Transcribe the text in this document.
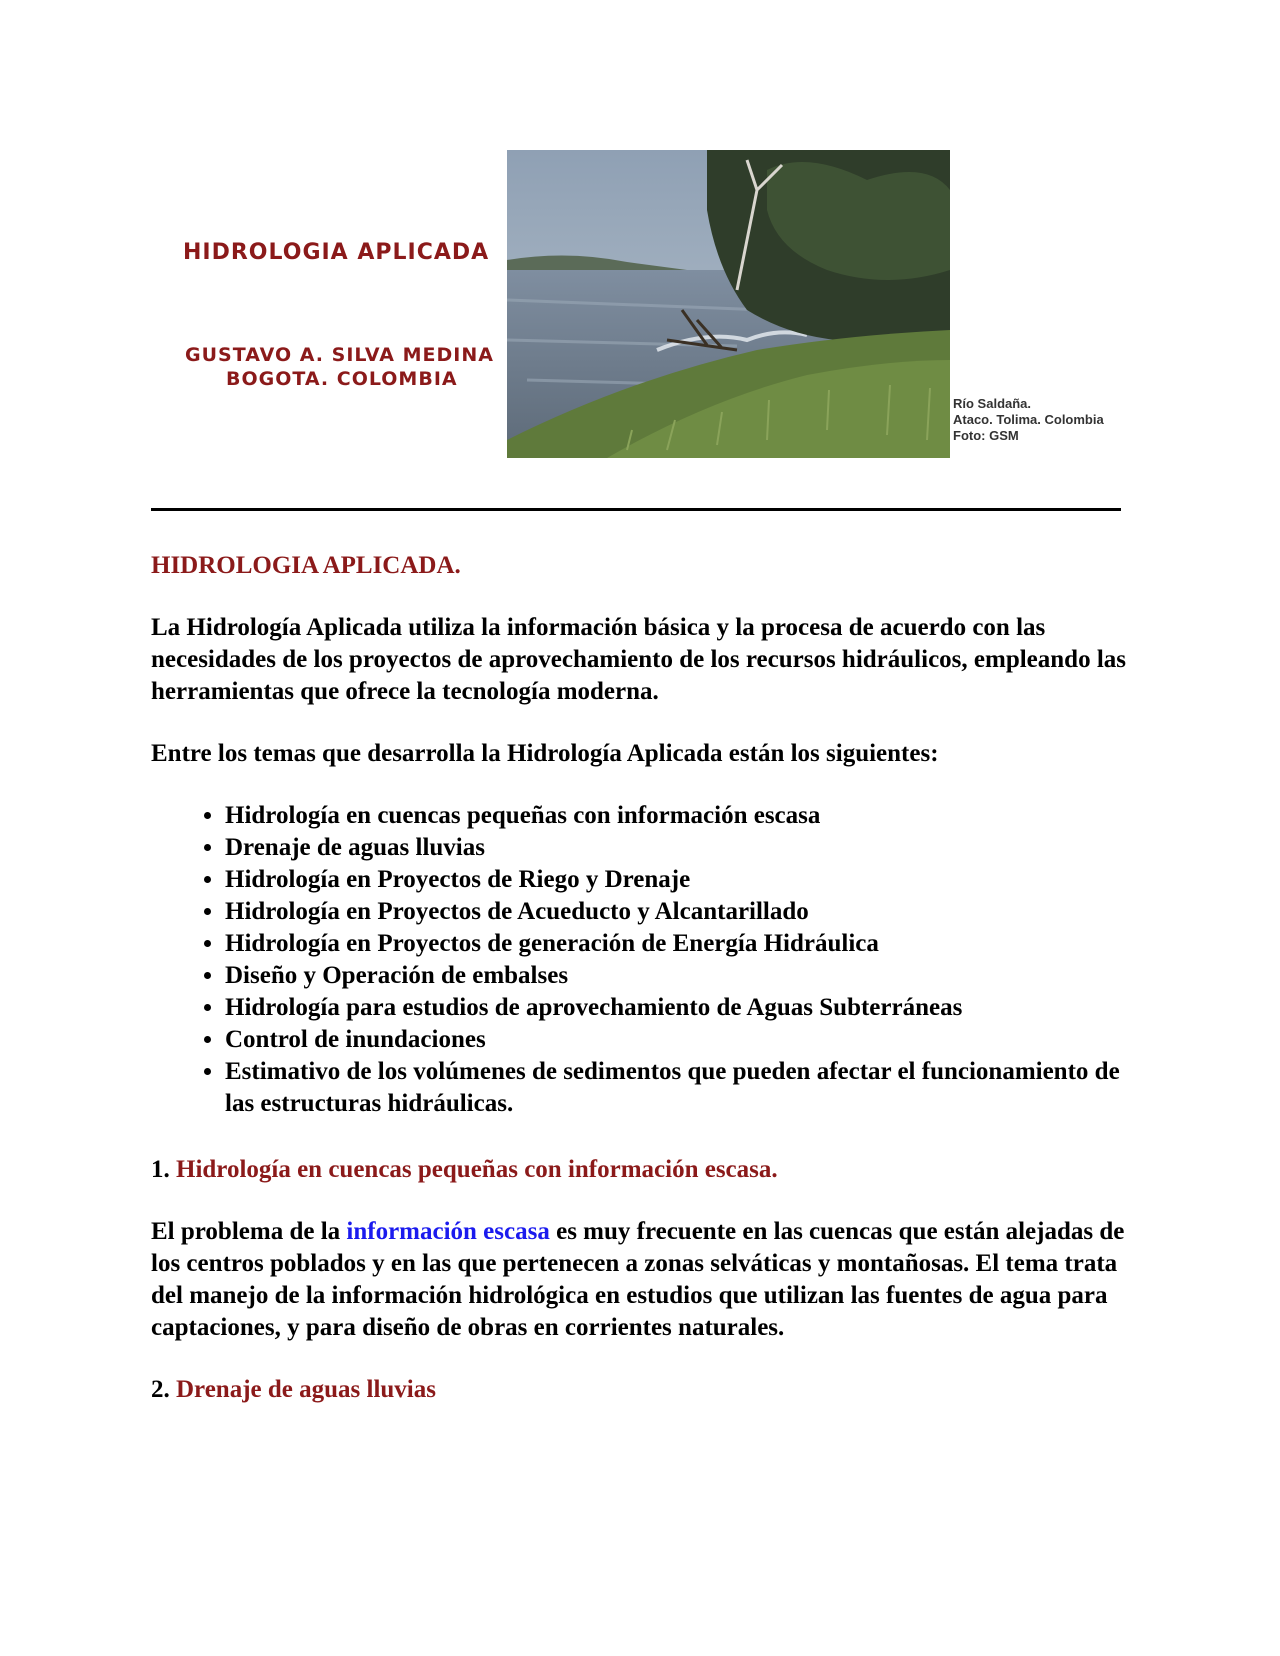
HIDROLOGIA APLICADA
GUSTAVO A. SILVA MEDINA
BOGOTA. COLOMBIA
Río Saldaña.
Ataco. Tolima. Colombia
Foto: GSM

HIDROLOGIA APLICADA.

La Hidrología Aplicada utiliza la información básica y la procesa de acuerdo con las necesidades de los proyectos de aprovechamiento de los recursos hidráulicos, empleando las herramientas que ofrece la tecnología moderna.

Entre los temas que desarrolla la Hidrología Aplicada están los siguientes:

• Hidrología en cuencas pequeñas con información escasa
• Drenaje de aguas lluvias
• Hidrología en Proyectos de Riego y Drenaje
• Hidrología en Proyectos de Acueducto y Alcantarillado
• Hidrología en Proyectos de generación de Energía Hidráulica
• Diseño y Operación de embalses
• Hidrología para estudios de aprovechamiento de Aguas Subterráneas
• Control de inundaciones
• Estimativo de los volúmenes de sedimentos que pueden afectar el funcionamiento de las estructuras hidráulicas.

1. Hidrología en cuencas pequeñas con información escasa.

El problema de la información escasa es muy frecuente en las cuencas que están alejadas de los centros poblados y en las que pertenecen a zonas selváticas y montañosas. El tema trata del manejo de la información hidrológica en estudios que utilizan las fuentes de agua para captaciones, y para diseño de obras en corrientes naturales.

2. Drenaje de aguas lluvias
